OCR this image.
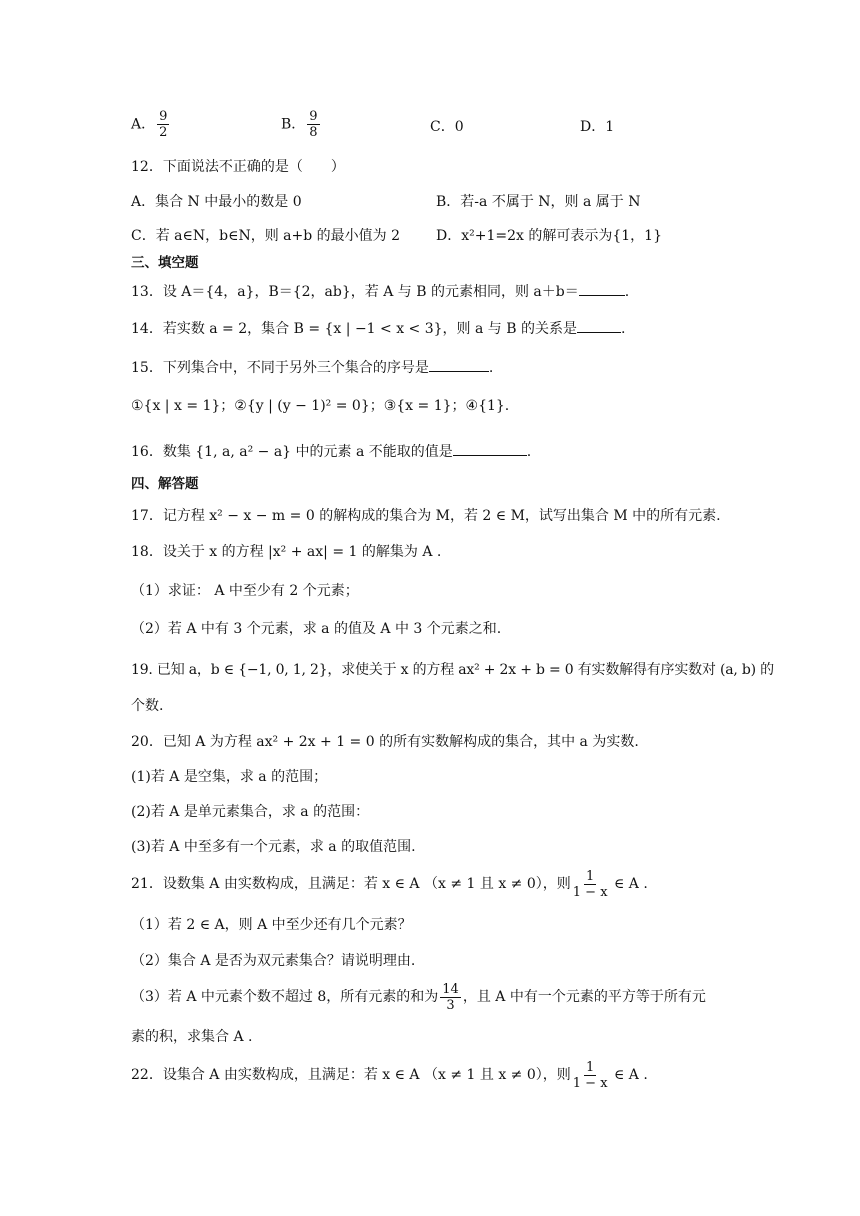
A． $\frac{9}{2}$	B． $\frac{9}{8}$	C．0	D．1
12．下面说法不正确的是（　　）
A．集合 N 中最小的数是 0	B．若-a 不属于 N，则 a 属于 N
C．若 a∈N，b∈N，则 a+b 的最小值为 2	D．x²+1=2x 的解可表示为{1，1}
三、填空题
13．设 A＝{4，a}，B＝{2，ab}，若 A 与 B 的元素相同，则 a＋b＝	.
14．若实数 a = 2，集合 B = {x | −1 < x < 3}，则 a 与 B 的关系是	.
15．下列集合中，不同于另外三个集合的序号是	.
①{x | x = 1}；②{y | (y − 1)² = 0}；③{x = 1}；④{1}.
16．数集 {1, a, a² − a} 中的元素 a 不能取的值是	.
四、解答题
17．记方程 x² − x − m = 0 的解构成的集合为 M，若 2 ∈ M，试写出集合 M 中的所有元素.
18．设关于 x 的方程 |x² + ax| = 1 的解集为 A .
（1）求证： A 中至少有 2 个元素；
（2）若 A 中有 3 个元素，求 a 的值及 A 中 3 个元素之和.
19. 已知 a，b ∈ {−1, 0, 1, 2}，求使关于 x 的方程 ax² + 2x + b = 0 有实数解得有序实数对 (a, b) 的
个数.
20．已知 A 为方程 ax² + 2x + 1 = 0 的所有实数解构成的集合，其中 a 为实数.
(1)若 A 是空集，求 a 的范围；
(2)若 A 是单元素集合，求 a 的范围：
(3)若 A 中至多有一个元素，求 a 的取值范围.
21．设数集 A 由实数构成，且满足：若 x ∈ A （x ≠ 1 且 x ≠ 0），则 $\frac{1}{1 - x}$ ∈ A .
（1）若 2 ∈ A，则 A 中至少还有几个元素？
（2）集合 A 是否为双元素集合？请说明理由.
（3）若 A 中元素个数不超过 8，所有元素的和为 $\frac{14}{3}$ ，且 A 中有一个元素的平方等于所有元
素的积，求集合 A .
22．设集合 A 由实数构成，且满足：若 x ∈ A （x ≠ 1 且 x ≠ 0），则 $\frac{1}{1 - x}$ ∈ A .
